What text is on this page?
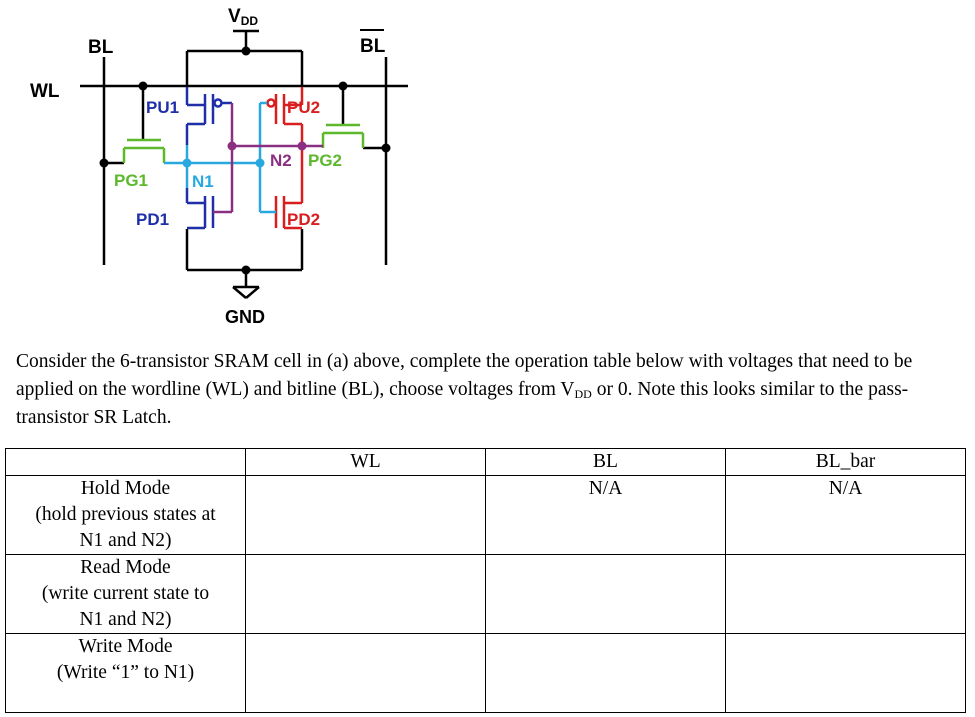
VDD
BL	BL
WL
PU1	PU2
PG1
PG2
N1
N2
PD1	PD2
GND

Consider the 6-transistor SRAM cell in (a) above, complete the operation table below with voltages that need to be applied on the wordline (WL) and bitline (BL), choose voltages from $V_{DD}$ or 0. Note this looks similar to the pass-transistor SR Latch.

	WL	BL	BL_bar

Hold Mode
(hold previous states at
N1 and N2)		N/A	N/A

Read Mode
(write current state to
N1 and N2)			

Write Mode
(Write “1” to N1)			
